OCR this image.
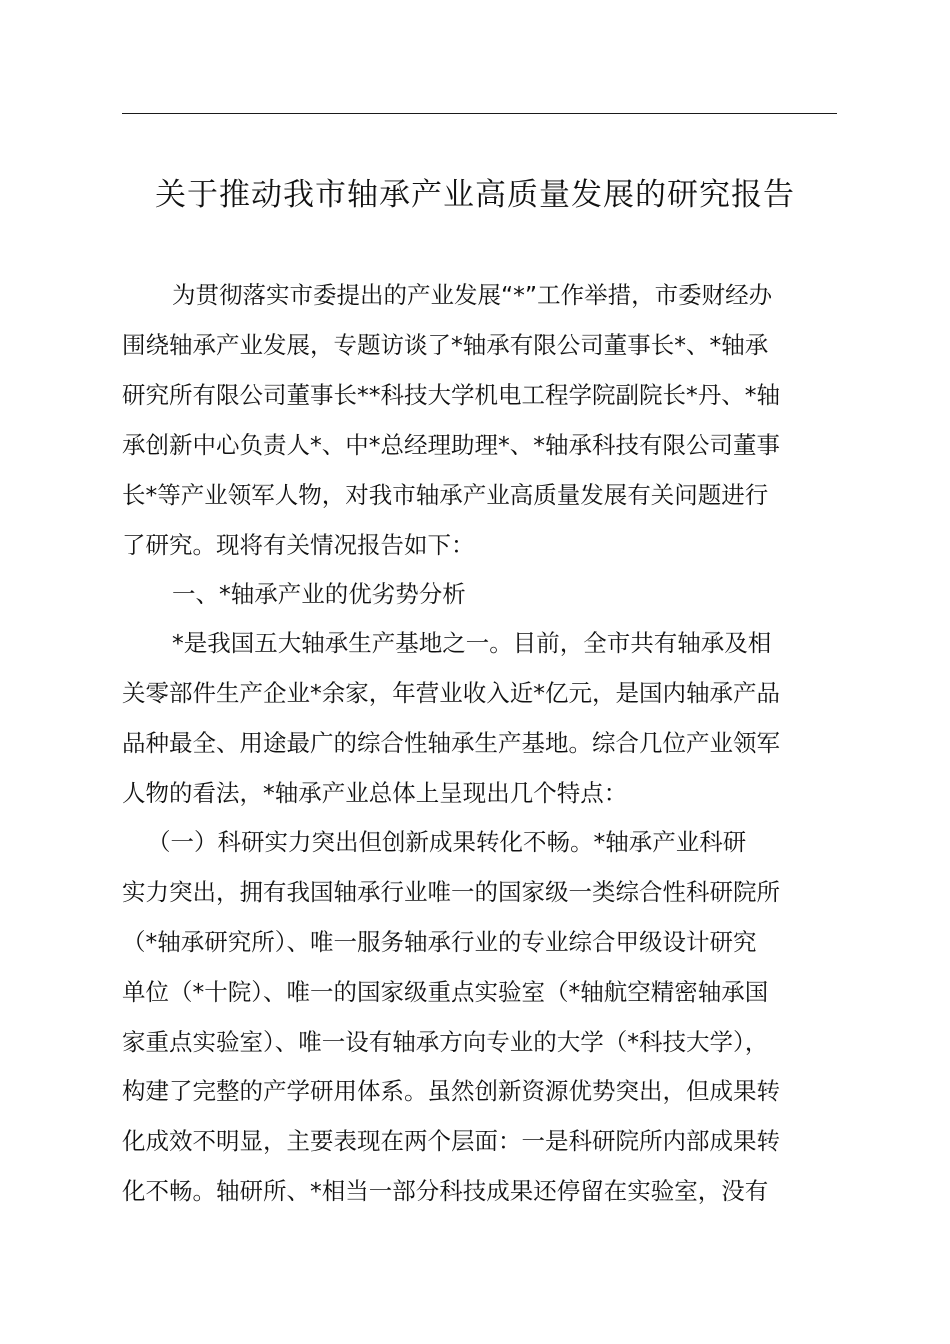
关于推动我市轴承产业高质量发展的研究报告
为贯彻落实市委提出的产业发展“*”工作举措，市委财经办
围绕轴承产业发展，专题访谈了*轴承有限公司董事长*、*轴承
研究所有限公司董事长**科技大学机电工程学院副院长*丹、*轴
承创新中心负责人*、中*总经理助理*、*轴承科技有限公司董事
长*等产业领军人物，对我市轴承产业高质量发展有关问题进行
了研究。现将有关情况报告如下：
一、*轴承产业的优劣势分析
*是我国五大轴承生产基地之一。目前，全市共有轴承及相
关零部件生产企业*余家，年营业收入近*亿元，是国内轴承产品
品种最全、用途最广的综合性轴承生产基地。综合几位产业领军
人物的看法，*轴承产业总体上呈现出几个特点：
（一）科研实力突出但创新成果转化不畅。*轴承产业科研
实力突出，拥有我国轴承行业唯一的国家级一类综合性科研院所
（*轴承研究所）、唯一服务轴承行业的专业综合甲级设计研究
单位（*十院）、唯一的国家级重点实验室（*轴航空精密轴承国
家重点实验室）、唯一设有轴承方向专业的大学（*科技大学），
构建了完整的产学研用体系。虽然创新资源优势突出，但成果转
化成效不明显，主要表现在两个层面：一是科研院所内部成果转
化不畅。轴研所、*相当一部分科技成果还停留在实验室，没有
